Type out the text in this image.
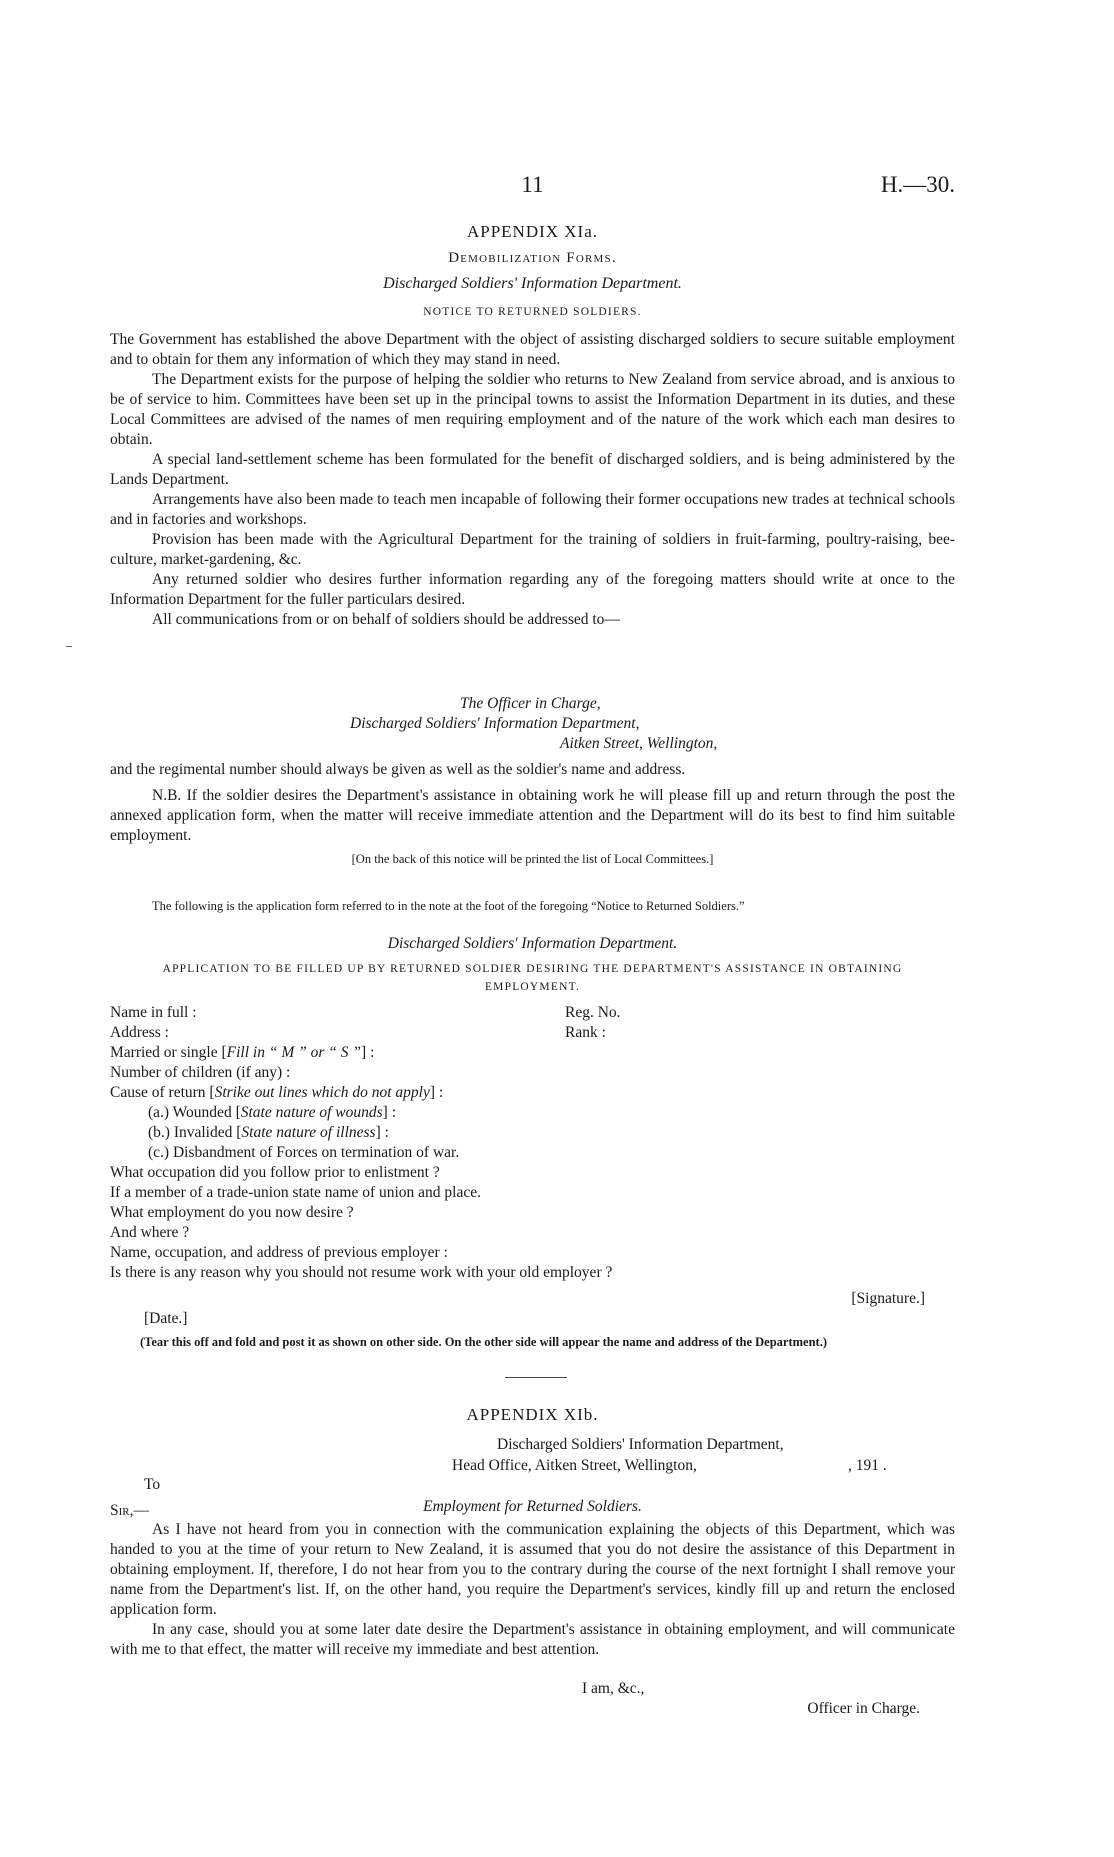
11	H.—30.
APPENDIX XIa.
Demobilization Forms.
Discharged Soldiers' Information Department.
NOTICE TO RETURNED SOLDIERS.

The Government has established the above Department with the object of assisting discharged soldiers to secure suitable employment and to obtain for them any information of which they may stand in need.

The Department exists for the purpose of helping the soldier who returns to New Zealand from service abroad, and is anxious to be of service to him. Committees have been set up in the principal towns to assist the Information Department in its duties, and these Local Committees are advised of the names of men requiring employment and of the nature of the work which each man desires to obtain.

A special land-settlement scheme has been formulated for the benefit of discharged soldiers, and is being administered by the Lands Department.

Arrangements have also been made to teach men incapable of following their former occupations new trades at technical schools and in factories and workshops.

Provision has been made with the Agricultural Department for the training of soldiers in fruit-farming, poultry-raising, bee-culture, market-gardening, &c.

Any returned soldier who desires further information regarding any of the foregoing matters should write at once to the Information Department for the fuller particulars desired.

All communications from or on behalf of soldiers should be addressed to—

The Officer in Charge,
Discharged Soldiers' Information Department,
Aitken Street, Wellington,

and the regimental number should always be given as well as the soldier's name and address.

N.B. If the soldier desires the Department's assistance in obtaining work he will please fill up and return through the post the annexed application form, when the matter will receive immediate attention and the Department will do its best to find him suitable employment.

[On the back of this notice will be printed the list of Local Committees.]

The following is the application form referred to in the note at the foot of the foregoing “Notice to Returned Soldiers.”

Discharged Soldiers' Information Department.
APPLICATION TO BE FILLED UP BY RETURNED SOLDIER DESIRING THE DEPARTMENT'S ASSISTANCE IN OBTAINING EMPLOYMENT.
Name in full :	Reg. No.
Address :	Rank :
Married or single [Fill in “ M ” or “ S ”] :
Number of children (if any) :
Cause of return [Strike out lines which do not apply] :
(a.) Wounded [State nature of wounds] :
(b.) Invalided [State nature of illness] :
(c.) Disbandment of Forces on termination of war.
What occupation did you follow prior to enlistment ?
If a member of a trade-union state name of union and place.
What employment do you now desire ?
And where ?
Name, occupation, and address of previous employer :
Is there is any reason why you should not resume work with your old employer ?
[Signature.]
[Date.]

(Tear this off and fold and post it as shown on other side. On the other side will appear the name and address of the Department.)

APPENDIX XIb.
Discharged Soldiers' Information Department,
Head Office, Aitken Street, Wellington,	, 191 .
To
Sir,—	Employment for Returned Soldiers.

As I have not heard from you in connection with the communication explaining the objects of this Department, which was handed to you at the time of your return to New Zealand, it is assumed that you do not desire the assistance of this Department in obtaining employment. If, therefore, I do not hear from you to the contrary during the course of the next fortnight I shall remove your name from the Department's list. If, on the other hand, you require the Department's services, kindly fill up and return the enclosed application form.

In any case, should you at some later date desire the Department's assistance in obtaining employment, and will communicate with me to that effect, the matter will receive my immediate and best attention.

I am, &c.,
Officer in Charge.
